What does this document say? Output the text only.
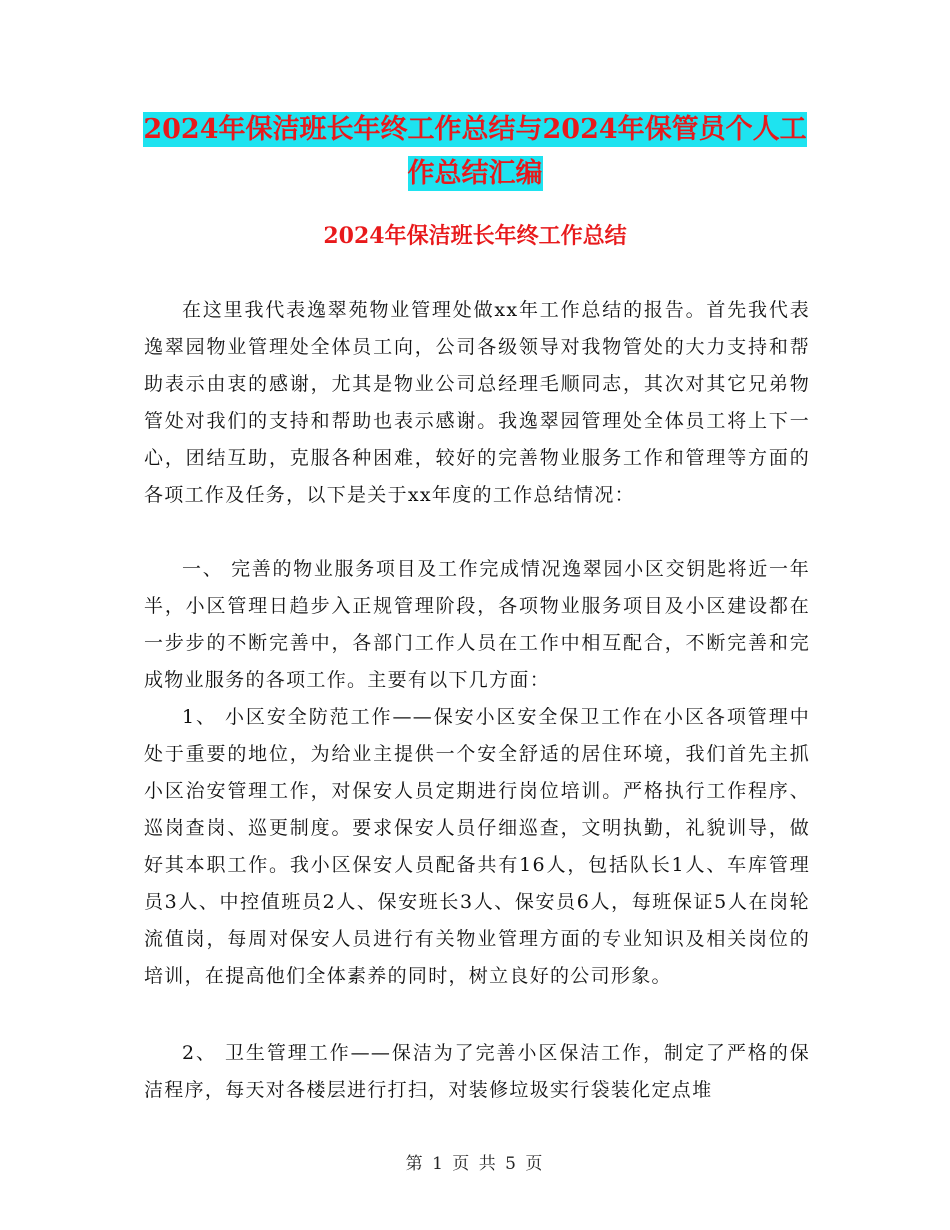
2024年保洁班长年终工作总结与2024年保管员个人工
作总结汇编
2024年保洁班长年终工作总结

在这里我代表逸翠苑物业管理处做xx年工作总结的报告。首先我代表逸翠园物业管理处全体员工向，公司各级领导对我物管处的大力支持和帮助表示由衷的感谢，尤其是物业公司总经理毛顺同志，其次对其它兄弟物管处对我们的支持和帮助也表示感谢。我逸翠园管理处全体员工将上下一心，团结互助，克服各种困难，较好的完善物业服务工作和管理等方面的各项工作及任务，以下是关于xx年度的工作总结情况：

一、 完善的物业服务项目及工作完成情况逸翠园小区交钥匙将近一年半，小区管理日趋步入正规管理阶段，各项物业服务项目及小区建设都在一步步的不断完善中，各部门工作人员在工作中相互配合，不断完善和完成物业服务的各项工作。主要有以下几方面：

1、 小区安全防范工作——保安小区安全保卫工作在小区各项管理中处于重要的地位，为给业主提供一个安全舒适的居住环境，我们首先主抓小区治安管理工作，对保安人员定期进行岗位培训。严格执行工作程序、巡岗查岗、巡更制度。要求保安人员仔细巡查，文明执勤，礼貌训导，做好其本职工作。我小区保安人员配备共有16人，包括队长1人、车库管理员3人、中控值班员2人、保安班长3人、保安员6人，每班保证5人在岗轮流值岗，每周对保安人员进行有关物业管理方面的专业知识及相关岗位的培训，在提高他们全体素养的同时，树立良好的公司形象。

2、 卫生管理工作——保洁为了完善小区保洁工作，制定了严格的保洁程序，每天对各楼层进行打扫，对装修垃圾实行袋装化定点堆

第 1 页 共 5 页
